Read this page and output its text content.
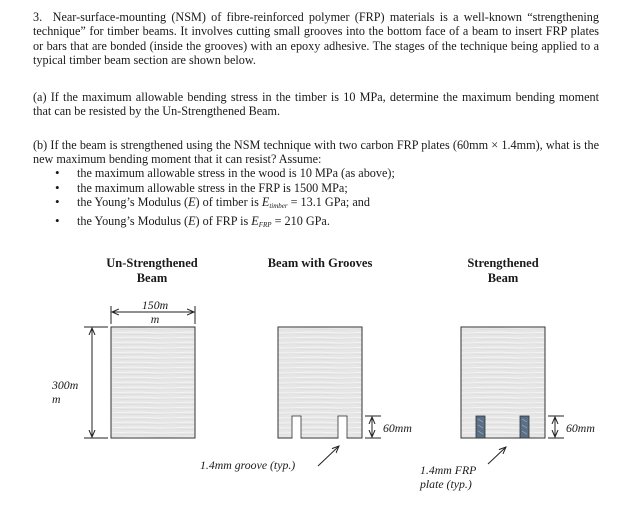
3. Near-surface-mounting (NSM) of fibre-reinforced polymer (FRP) materials is a well-known “strengthening technique” for timber beams. It involves cutting small grooves into the bottom face of a beam to insert FRP plates or bars that are bonded (inside the grooves) with an epoxy adhesive. The stages of the technique being applied to a typical timber beam section are shown below.

(a) If the maximum allowable bending stress in the timber is 10 MPa, determine the maximum bending moment that can be resisted by the Un-Strengthened Beam.

(b) If the beam is strengthened using the NSM technique with two carbon FRP plates (60mm × 1.4mm), what is the new maximum bending moment that it can resist? Assume:

• the maximum allowable stress in the wood is 10 MPa (as above);
• the maximum allowable stress in the FRP is 1500 MPa;
• the Young’s Modulus (E) of timber is $E_{timber} = 13.1$ GPa; and
• the Young’s Modulus (E) of FRP is $E_{FRP} = 210$ GPa.
Un-Strengthened
Beam
Beam with Grooves	Strengthened
Beam
150m
m
300m
m
60mm	60mm
1.4mm groove (typ.)	1.4mm FRP
plate (typ.)
